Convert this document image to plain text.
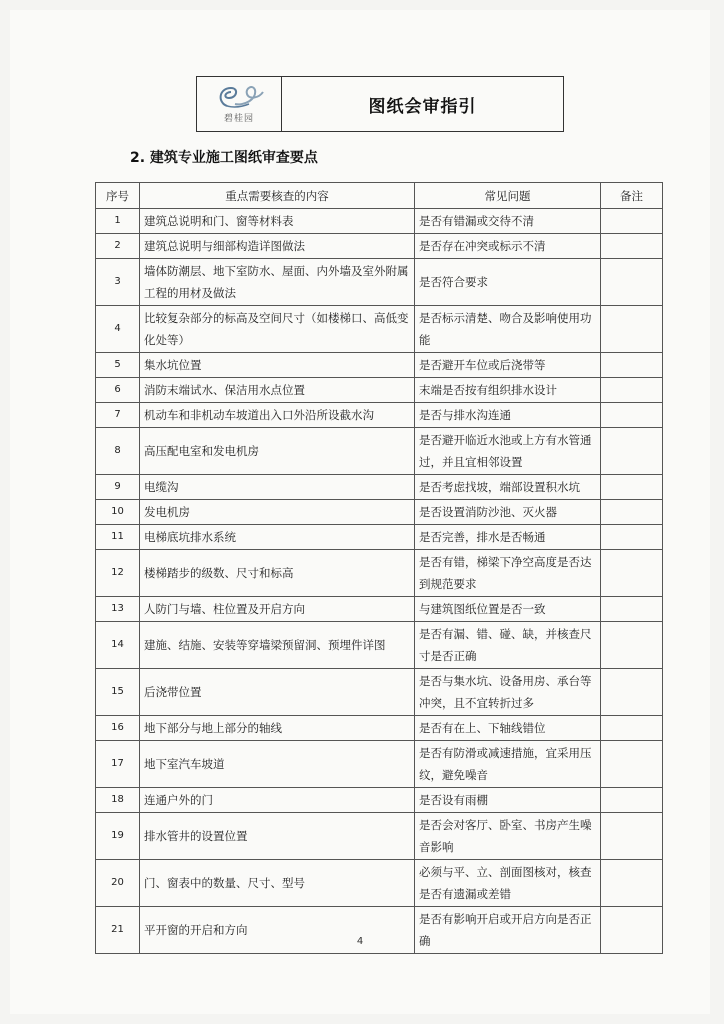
碧桂园
图纸会审指引
2. 建筑专业施工图纸审查要点
序号	重点需要核查的内容	常见问题	备注
1	建筑总说明和门、窗等材料表	是否有错漏或交待不清	
2	建筑总说明与细部构造详图做法	是否存在冲突或标示不清	
3	墙体防潮层、地下室防水、屋面、内外墙及室外附属工程的用材及做法	是否符合要求	
4	比较复杂部分的标高及空间尺寸（如楼梯口、高低变化处等）	是否标示清楚、吻合及影响使用功能	
5	集水坑位置	是否避开车位或后浇带等	
6	消防末端试水、保洁用水点位置	末端是否按有组织排水设计	
7	机动车和非机动车坡道出入口外沿所设截水沟	是否与排水沟连通	
8	高压配电室和发电机房	是否避开临近水池或上方有水管通过，并且宜相邻设置	
9	电缆沟	是否考虑找坡，端部设置积水坑	
10	发电机房	是否设置消防沙池、灭火器	
11	电梯底坑排水系统	是否完善，排水是否畅通	
12	楼梯踏步的级数、尺寸和标高	是否有错，梯梁下净空高度是否达到规范要求	
13	人防门与墙、柱位置及开启方向	与建筑图纸位置是否一致	
14	建施、结施、安装等穿墙梁预留洞、预埋件详图	是否有漏、错、碰、缺，并核查尺寸是否正确	
15	后浇带位置	是否与集水坑、设备用房、承台等冲突，且不宜转折过多	
16	地下部分与地上部分的轴线	是否有在上、下轴线错位	
17	地下室汽车坡道	是否有防滑或减速措施，宜采用压纹，避免噪音	
18	连通户外的门	是否设有雨棚	
19	排水管井的设置位置	是否会对客厅、卧室、书房产生噪音影响	
20	门、窗表中的数量、尺寸、型号	必须与平、立、剖面图核对，核查是否有遗漏或差错	
21	平开窗的开启和方向	是否有影响开启或开启方向是否正确	
4
